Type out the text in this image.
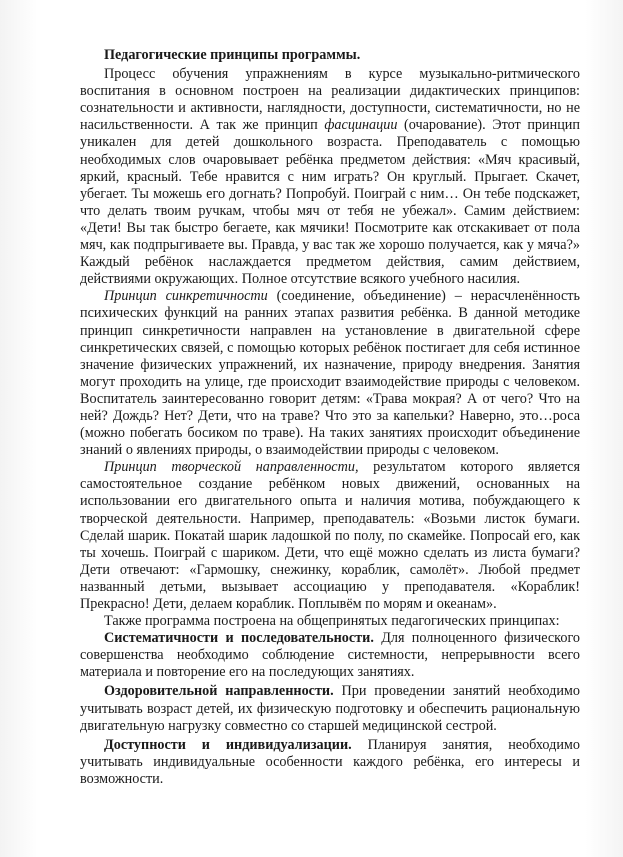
Педагогические принципы программы.

Процесс обучения упражнениям в курсе музыкально-ритмического воспитания в основном построен на реализации дидактических принципов: сознательности и активности, наглядности, доступности, систематичности, но не насильственности. А так же принцип фасцинации (очарование). Этот принцип уникален для детей дошкольного возраста. Преподаватель с помощью необходимых слов очаровывает ребёнка предметом действия: «Мяч красивый, яркий, красный. Тебе нравится с ним играть? Он круглый. Прыгает. Скачет, убегает. Ты можешь его догнать? Попробуй. Поиграй с ним… Он тебе подскажет, что делать твоим ручкам, чтобы мяч от тебя не убежал». Самим действием: «Дети! Вы так быстро бегаете, как мячики! Посмотрите как отскакивает от пола мяч, как подпрыгиваете вы. Правда, у вас так же хорошо получается, как у мяча?» Каждый ребёнок наслаждается предметом действия, самим действием, действиями окружающих. Полное отсутствие всякого учебного насилия.

Принцип синкретичности (соединение, объединение) – нерасчленённость психических функций на ранних этапах развития ребёнка. В данной методике принцип синкретичности направлен на установление в двигательной сфере синкретических связей, с помощью которых ребёнок постигает для себя истинное значение физических упражнений, их назначение, природу внедрения. Занятия могут проходить на улице, где происходит взаимодействие природы с человеком. Воспитатель заинтересованно говорит детям: «Трава мокрая? А от чего? Что на ней? Дождь? Нет? Дети, что на траве? Что это за капельки? Наверно, это…роса (можно побегать босиком по траве). На таких занятиях происходит объединение знаний о явлениях природы, о взаимодействии природы с человеком.

Принцип творческой направленности, результатом которого является самостоятельное создание ребёнком новых движений, основанных на использовании его двигательного опыта и наличия мотива, побуждающего к творческой деятельности. Например, преподаватель: «Возьми листок бумаги. Сделай шарик. Покатай шарик ладошкой по полу, по скамейке. Попросай его, как ты хочешь. Поиграй с шариком. Дети, что ещё можно сделать из листа бумаги? Дети отвечают: «Гармошку, снежинку, кораблик, самолёт». Любой предмет названный детьми, вызывает ассоциацию у преподавателя. «Кораблик! Прекрасно! Дети, делаем кораблик. Поплывём по морям и океанам».

Также программа построена на общепринятых педагогических принципах:

Систематичности и последовательности. Для полноценного физического совершенства необходимо соблюдение системности, непрерывности всего материала и повторение его на последующих занятиях.

Оздоровительной направленности. При проведении занятий необходимо учитывать возраст детей, их физическую подготовку и обеспечить рациональную двигательную нагрузку совместно со старшей медицинской сестрой.

Доступности и индивидуализации. Планируя занятия, необходимо учитывать индивидуальные особенности каждого ребёнка, его интересы и возможности.
